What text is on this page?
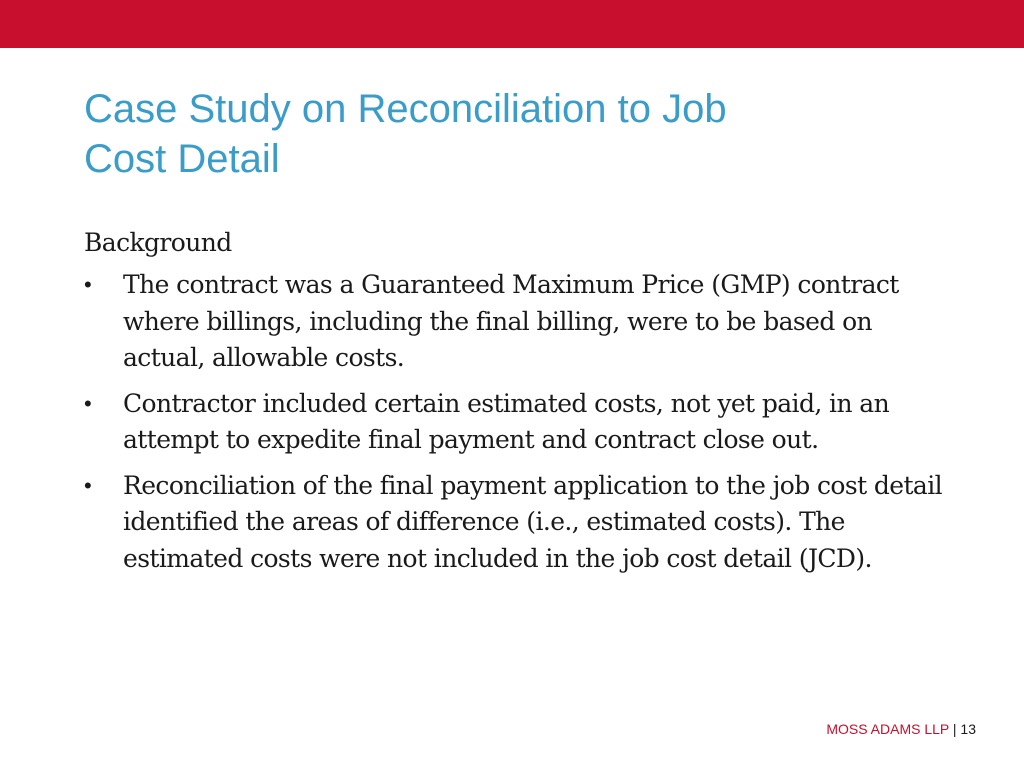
Case Study on Reconciliation to Job
Cost Detail

Background

•	The contract was a Guaranteed Maximum Price (GMP) contract where billings, including the final billing, were to be based on actual, allowable costs.
•	Contractor included certain estimated costs, not yet paid, in an attempt to expedite final payment and contract close out.
•	Reconciliation of the final payment application to the job cost detail identified the areas of difference (i.e., estimated costs). The estimated costs were not included in the job cost detail (JCD).
MOSS ADAMS LLP | 13
